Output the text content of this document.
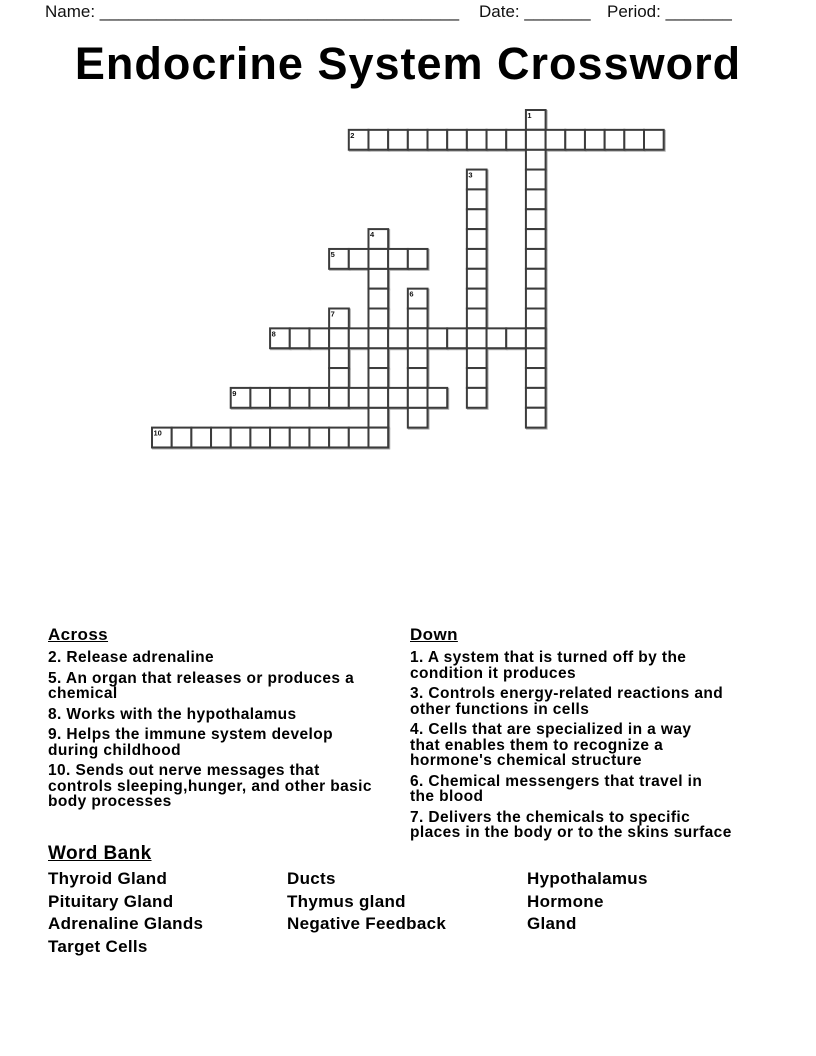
Name: ______________________________________ Date: _______ Period: _______
Endocrine System Crossword
1
2
3
4
5
6
7
8
9
10

Across

2. Release adrenaline

5. An organ that releases or produces a
chemical

8. Works with the hypothalamus

9. Helps the immune system develop
during childhood

10. Sends out nerve messages that
controls sleeping,hunger, and other basic
body processes

Down

1. A system that is turned off by the
condition it produces

3. Controls energy-related reactions and
other functions in cells

4. Cells that are specialized in a way
that enables them to recognize a
hormone's chemical structure

6. Chemical messengers that travel in
the blood

7. Delivers the chemicals to specific
places in the body or to the skins surface

Word Bank

Thyroid Gland	Ducts	Hypothalamus
Pituitary Gland	Thymus gland	Hormone
Adrenaline Glands	Negative Feedback	Gland
Target Cells
